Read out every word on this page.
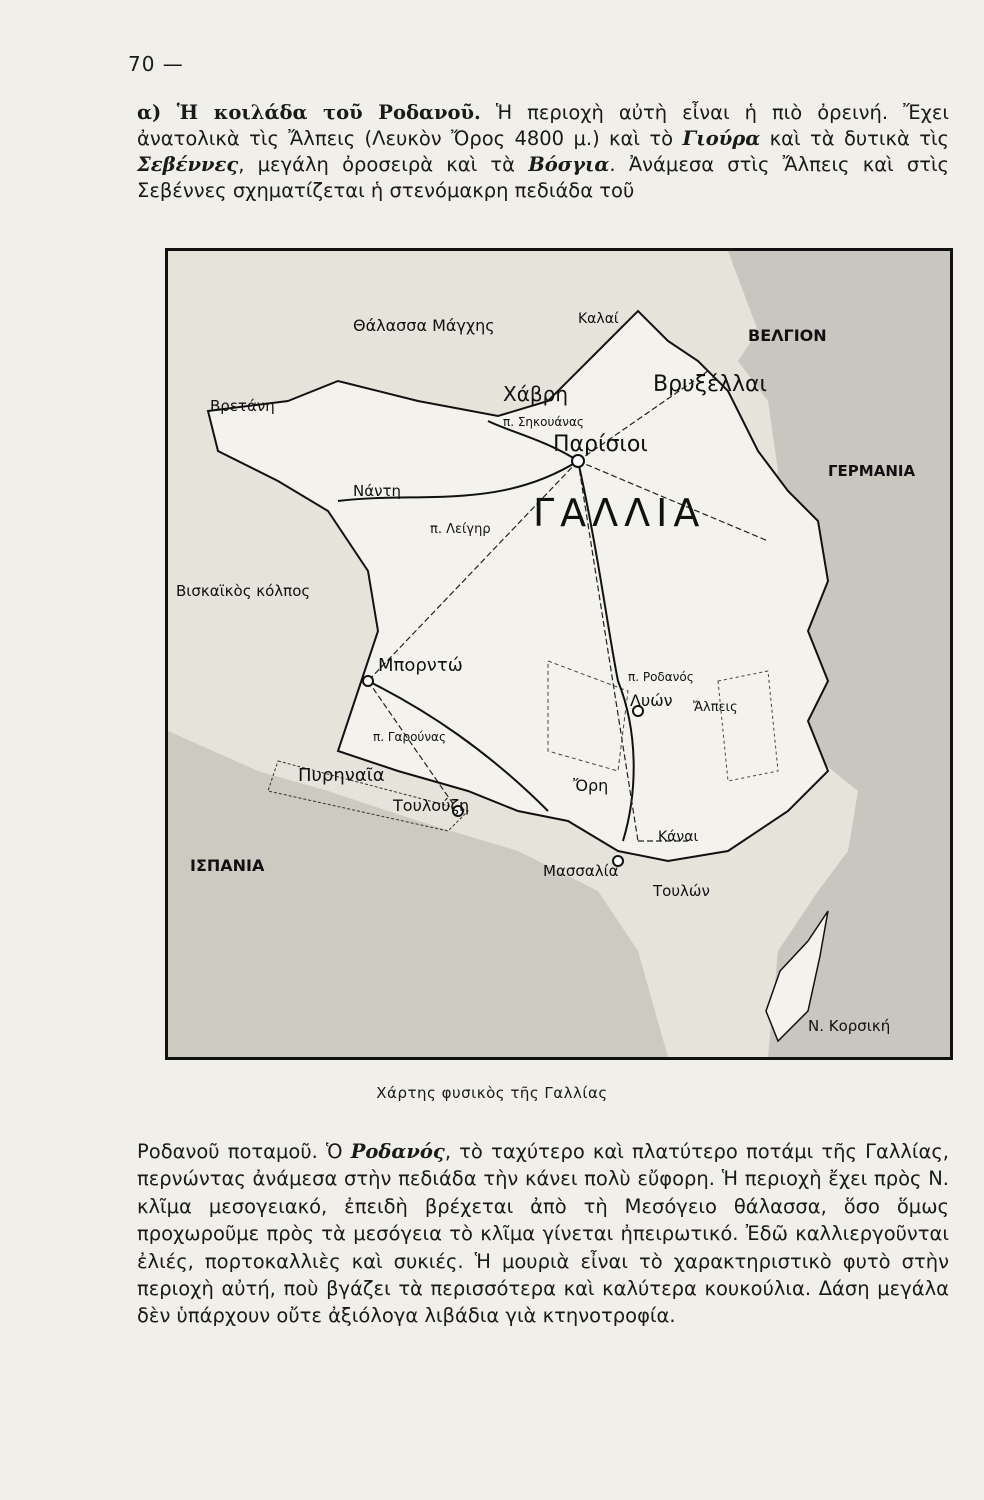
70 —
α) Ἡ κοιλάδα τοῦ Ροδανοῦ. Ἡ περιοχὴ αὐτὴ εἶναι ἡ πιὸ ὀρεινή. Ἔχει ἀνατολικὰ τὶς Ἄλπεις (Λευκὸν Ὄρος 4800 μ.) καὶ τὸ Γιούρα καὶ τὰ δυτικὰ τὶς Σεβέννες, μεγάλη ὀροσειρὰ καὶ τὰ Βόσγια. Ἀνάμεσα στὶς Ἄλπεις καὶ στὶς Σεβέννες σχηματίζεται ἡ στενόμακρη πεδιάδα τοῦ
Θάλασσα Μάγχης	Καλαί
ΒΕΛΓΙΟΝ
Βρυξέλλαι
Βρετάνη	Χάβρη
π. Σηκουάνας
Παρίσιοι
ΓΕΡΜΑΝΙΑ
Νάντη
π. Λείγηρ ΓΑΛΛΙΑ
Βισκαϊκὸς κόλπος
Μπορντώ
π. Γαρούνας
Τουλούζη
Πυρηναῖα
Λυών
π. Ροδανός
Ἄλπεις
Ὄρη
Κάναι
Μασσαλία
Τουλών
ΙΣΠΑΝΙΑ
Ν. Κορσική
Χάρτης φυσικὸς τῆς Γαλλίας
Ροδανοῦ ποταμοῦ. Ὁ Ροδανός, τὸ ταχύτερο καὶ πλατύτερο ποτάμι τῆς Γαλλίας, περνώντας ἀνάμεσα στὴν πεδιάδα τὴν κάνει πολὺ εὔφορη. Ἡ περιοχὴ ἔχει πρὸς Ν. κλῖμα μεσογειακό, ἐπειδὴ βρέχεται ἀπὸ τὴ Μεσόγειο θάλασσα, ὅσο ὅμως προχωροῦμε πρὸς τὰ μεσόγεια τὸ κλῖμα γίνεται ἠπειρωτικό. Ἐδῶ καλλιεργοῦνται ἐλιές, πορτοκαλλιὲς καὶ συκιές. Ἡ μουριὰ εἶναι τὸ χαρακτηριστικὸ φυτὸ στὴν περιοχὴ αὐτή, ποὺ βγάζει τὰ περισσότερα καὶ καλύτερα κουκούλια. Δάση μεγάλα δὲν ὑπάρχουν οὔτε ἀξιόλογα λιβάδια γιὰ κτηνοτροφία.
